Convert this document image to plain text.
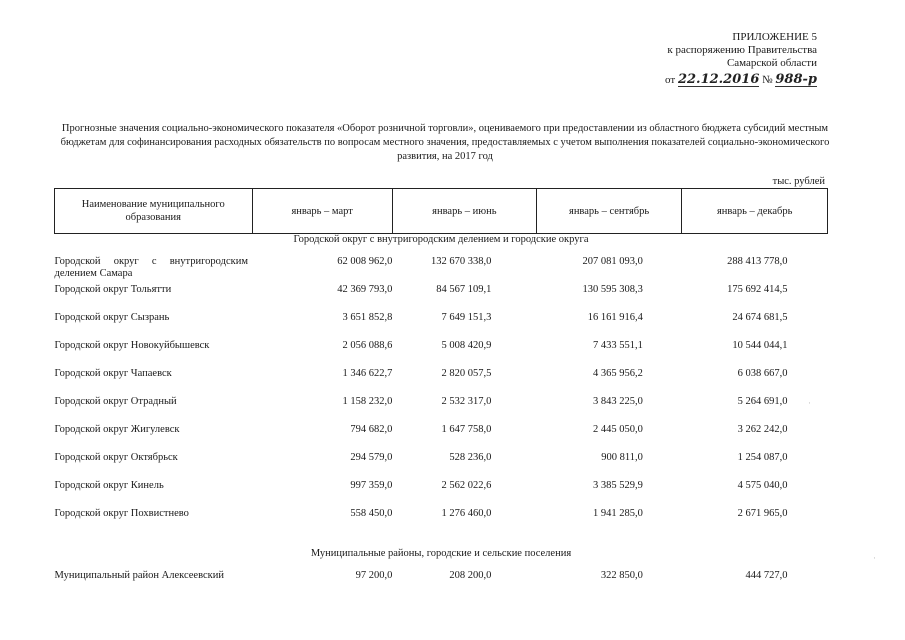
ПРИЛОЖЕНИЕ 5
к распоряжению Правительства
Самарской области
от 22.12.2016 № 988-р
Прогнозные значения социально-экономического показателя «Оборот розничной торговли», оцениваемого при предоставлении из областного бюджета субсидий местным бюджетам для софинансирования расходных обязательств по вопросам местного значения, предоставляемых с учетом выполнения показателей социально-экономического развития, на 2017 год
тыс. рублей
Наименование муниципального образования	январь – март	январь – июнь	январь – сентябрь	январь – декабрь
Городской округ с внутригородским делением и городские округа				

Городской округ с внутригородским делением Самара	62 008 962,0	132 670 338,0	207 081 093,0	288 413 778,0

Городской округ Тольятти	42 369 793,0	84 567 109,1	130 595 308,3	175 692 414,5

Городской округ Сызрань	3 651 852,8	7 649 151,3	16 161 916,4	24 674 681,5

Городской округ Новокуйбышевск	2 056 088,6	5 008 420,9	7 433 551,1	10 544 044,1

Городской округ Чапаевск	1 346 622,7	2 820 057,5	4 365 956,2	6 038 667,0

Городской округ Отрадный	1 158 232,0	2 532 317,0	3 843 225,0	5 264 691,0

Городской округ Жигулевск	794 682,0	1 647 758,0	2 445 050,0	3 262 242,0

Городской округ Октябрьск	294 579,0	528 236,0	900 811,0	1 254 087,0

Городской округ Кинель	997 359,0	2 562 022,6	3 385 529,9	4 575 040,0

Городской округ Похвистнево	558 450,0	1 276 460,0	1 941 285,0	2 671 965,0

Муниципальные районы, городские и сельские поселения				

Муниципальный район Алексеевский	97 200,0	208 200,0	322 850,0	444 727,0
·
·
